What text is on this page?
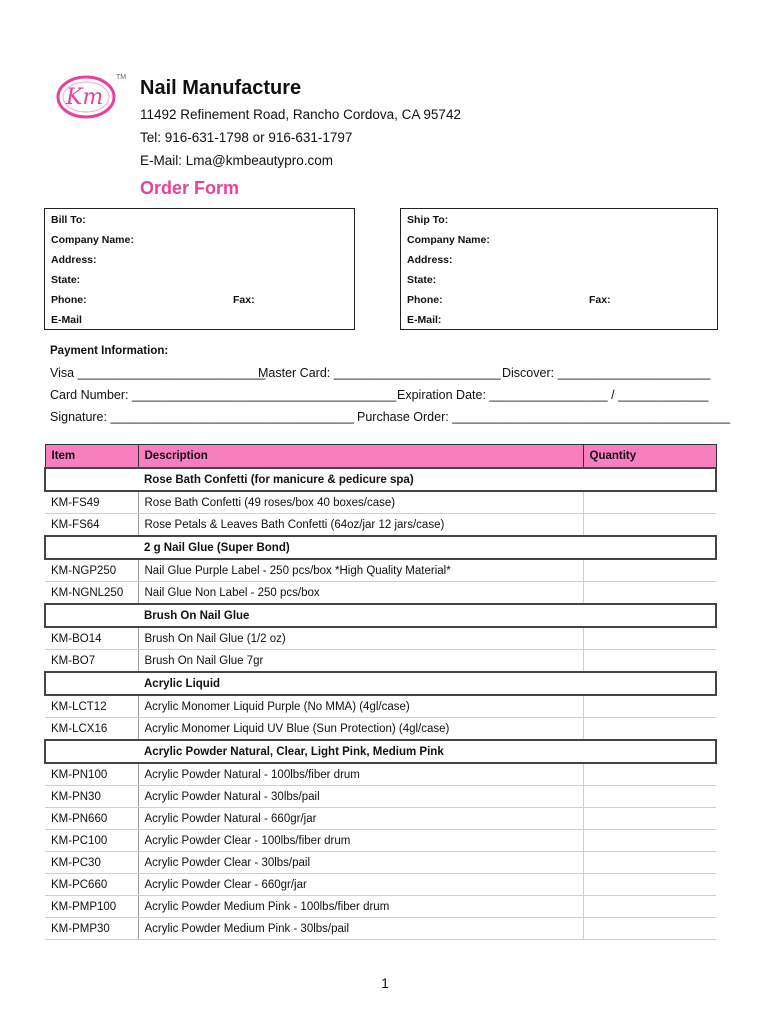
Km
TM Nail Manufacture
11492 Refinement Road, Rancho Cordova, CA 95742
Tel: 916-631-1798 or 916-631-1797
E-Mail: Lma@kmbeautypro.com
Order Form
Bill To:
Company Name:
Address:
State:
Phone:	Fax:
E-Mail
Ship To:
Company Name:
Address:
State:
Phone:	Fax:
E-Mail:
Payment Information:
Visa ___________________________
Master Card: ________________________ Discover: ______________________
Card Number: ______________________________________ Expiration Date: _________________ / _____________
Signature: ___________________________________ Purchase Order: ________________________________________
Item	Description	Quantity
	Rose Bath Confetti (for manicure & pedicure spa)	
KM-FS49	Rose Bath Confetti (49 roses/box 40 boxes/case)	
KM-FS64	Rose Petals & Leaves Bath Confetti (64oz/jar 12 jars/case)	
	2 g Nail Glue (Super Bond)	
KM-NGP250	Nail Glue Purple Label - 250 pcs/box *High Quality Material*	
KM-NGNL250	Nail Glue Non Label - 250 pcs/box	
	Brush On Nail Glue	
KM-BO14	Brush On Nail Glue (1/2 oz)	
KM-BO7	Brush On Nail Glue 7gr	
	Acrylic Liquid	
KM-LCT12	Acrylic Monomer Liquid Purple (No MMA) (4gl/case)	
KM-LCX16	Acrylic Monomer Liquid UV Blue (Sun Protection) (4gl/case)	
	Acrylic Powder Natural, Clear, Light Pink, Medium Pink	
KM-PN100	Acrylic Powder Natural - 100lbs/fiber drum	
KM-PN30	Acrylic Powder Natural - 30lbs/pail	
KM-PN660	Acrylic Powder Natural - 660gr/jar	
KM-PC100	Acrylic Powder Clear - 100lbs/fiber drum	
KM-PC30	Acrylic Powder Clear - 30lbs/pail	
KM-PC660	Acrylic Powder Clear - 660gr/jar	
KM-PMP100	Acrylic Powder Medium Pink - 100lbs/fiber drum	
KM-PMP30	Acrylic Powder Medium Pink - 30lbs/pail	
1
